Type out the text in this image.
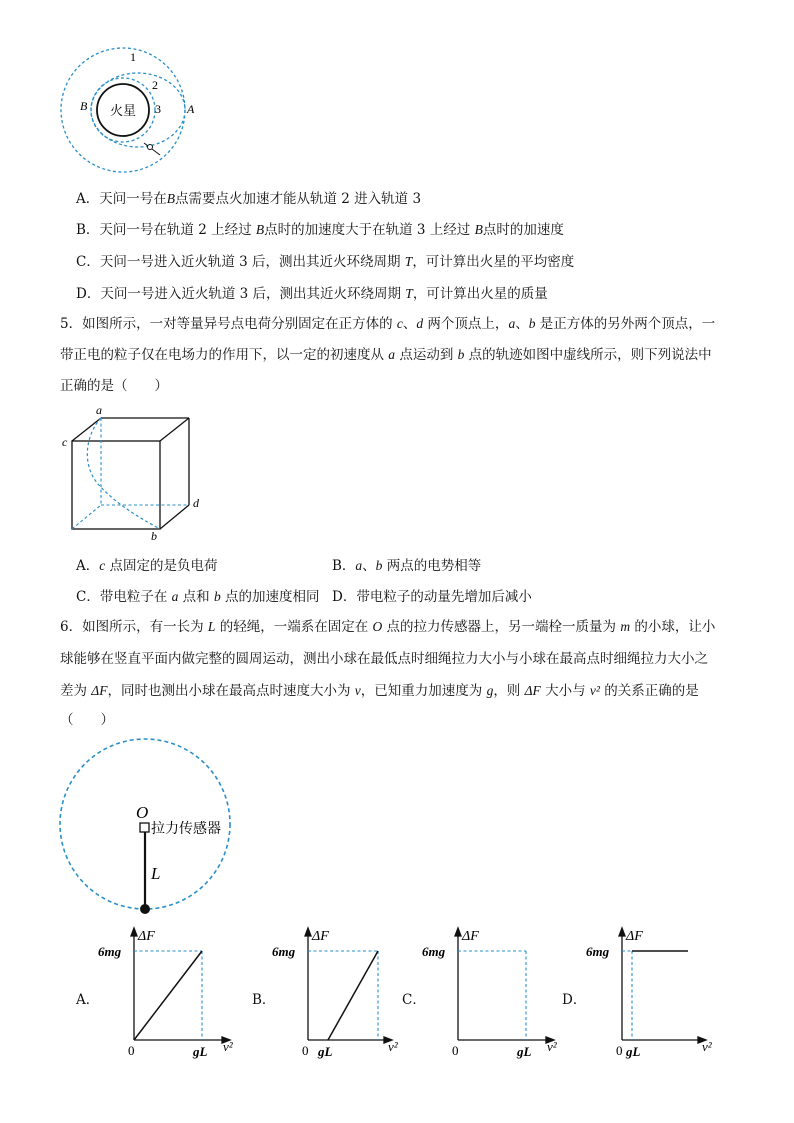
火星
1
2
3
B	A
A．天问一号在B点需要点火加速才能从轨道 2 进入轨道 3
B．天问一号在轨道 2 上经过 B点时的加速度大于在轨道 3 上经过 B点时的加速度
C．天问一号进入近火轨道 3 后，测出其近火环绕周期 T，可计算出火星的平均密度
D．天问一号进入近火轨道 3 后，测出其近火环绕周期 T，可计算出火星的质量
5．如图所示，一对等量异号点电荷分别固定在正方体的 c、d 两个顶点上，a、b 是正方体的另外两个顶点，一
带正电的粒子仅在电场力的作用下，以一定的初速度从 a 点运动到 b 点的轨迹如图中虚线所示，则下列说法中
正确的是（　　）
a
c
d
b
A．c 点固定的是负电荷	B．a、b 两点的电势相等
C．带电粒子在 a 点和 b 点的加速度相同 D．带电粒子的动量先增加后减小
6．如图所示，有一长为 L 的轻绳，一端系在固定在 O 点的拉力传感器上，另一端栓一质量为 m 的小球，让小
球能够在竖直平面内做完整的圆周运动，测出小球在最低点时细绳拉力大小与小球在最高点时细绳拉力大小之
差为 ΔF，同时也测出小球在最高点时速度大小为 v，已知重力加速度为 g，则 ΔF 大小与 v² 的关系正确的是
（　　）
O
拉力传感器
L
A．
ΔF
v²
6mg
0	gL
B．
ΔF
v²
6mg
0 gL
C．
ΔF
v²
6mg
0	gL
D．
ΔF
v²
6mg
0 gL
